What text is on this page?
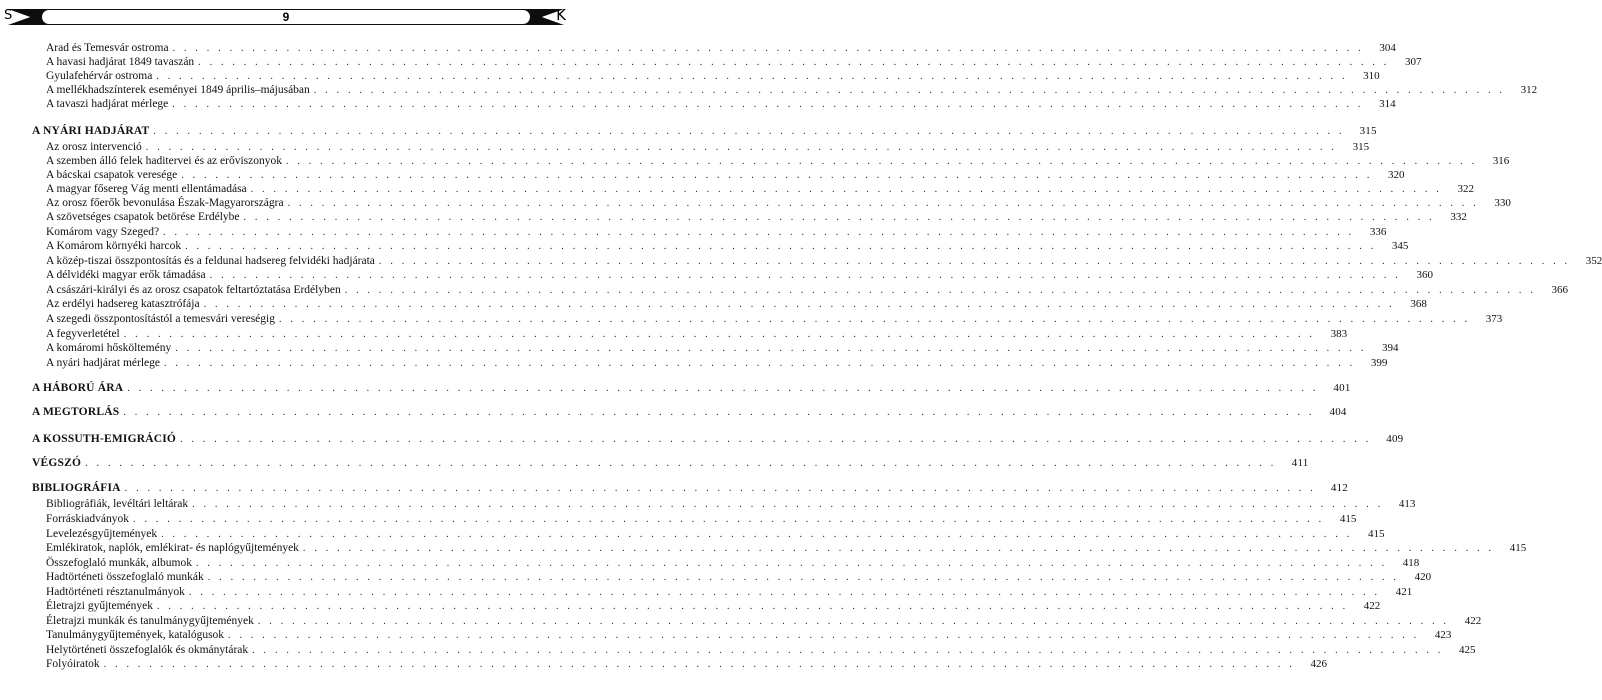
9
S	K
Arad és Temesvár ostroma . . .	304
A havasi hadjárat 1849 tavaszán . . .	307
Gyulafehérvár ostroma . . .	310
A mellékhadszínterek eseményei 1849 április–májusában . . .	312
A tavaszi hadjárat mérlege . . .	314
A NYÁRI HADJÁRAT . . .	315
Az orosz intervenció . . .	315
A szemben álló felek haditervei és az erőviszonyok . . .	316
A bácskai csapatok veresége . . .	320
A magyar fősereg Vág menti ellentámadása . . .	322
Az orosz főerők bevonulása Észak-Magyarországra . . .	330
A szövetséges csapatok betörése Erdélybe . . .	332
Komárom vagy Szeged? . . .	336
A Komárom környéki harcok . . .	345
A közép-tiszai összpontosítás és a feldunai hadsereg felvidéki hadjárata . . .	352
A délvidéki magyar erők támadása . . .	360
A császári-királyi és az orosz csapatok feltartóztatása Erdélyben . . .	366
Az erdélyi hadsereg katasztrófája . . .	368
A szegedi összpontosítástól a temesvári vereségig . . .	373
A fegyverletétel . . .	383
A komáromi hősköltemény . . .	394
A nyári hadjárat mérlege . . .	399
A HÁBORÚ ÁRA . . .	401
A MEGTORLÁS . . .	404
A KOSSUTH-EMIGRÁCIÓ . . .	409
VÉGSZÓ . . .	411
BIBLIOGRÁFIA . . .	412
Bibliográfiák, levéltári leltárak . . .	413
Forráskiadványok . . .	415
Levelezésgyűjtemények . . .	415
Emlékiratok, naplók, emlékirat- és naplógyűjtemények . . .	415
Összefoglaló munkák, albumok . . .	418
Hadtörténeti összefoglaló munkák . . .	420
Hadtörténeti résztanulmányok . . .	421
Életrajzi gyűjtemények . . .	422
Életrajzi munkák és tanulmánygyűjtemények . . .	422
Tanulmánygyűjtemények, katalógusok . . .	423
Helytörténeti összefoglalók és okmánytárak . . .	425
Folyóiratok . . .	426
